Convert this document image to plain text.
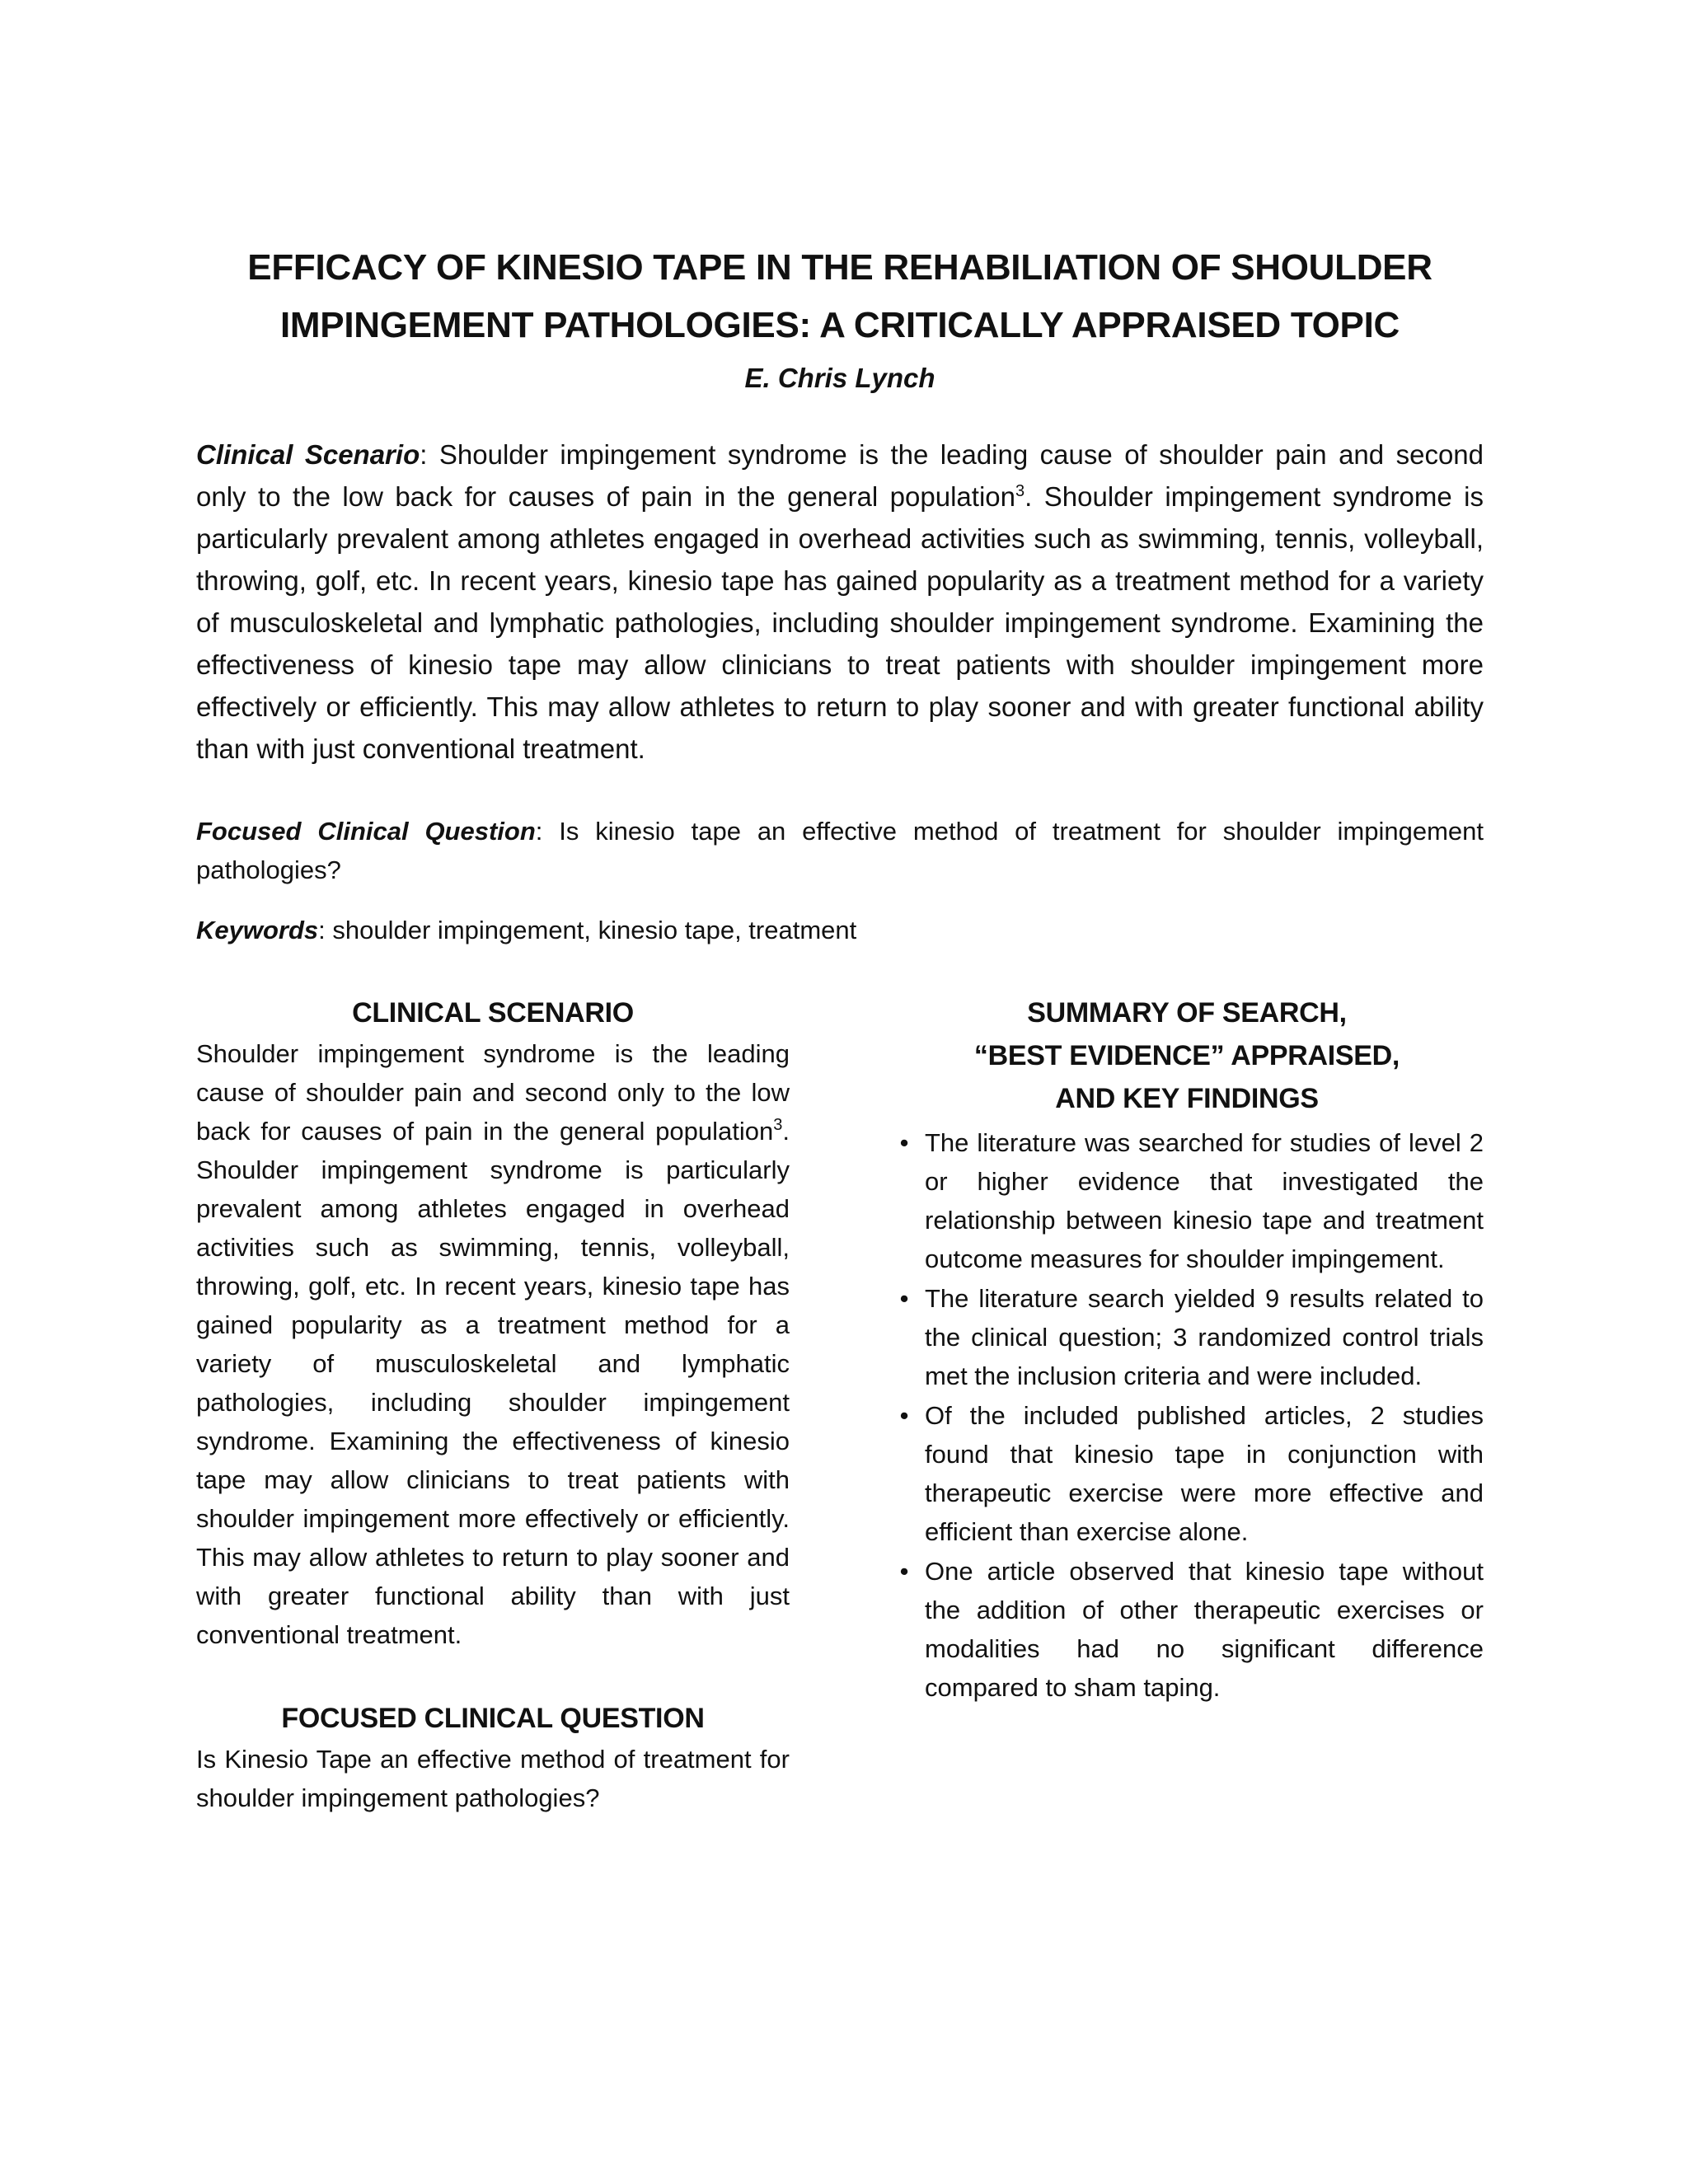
EFFICACY OF KINESIO TAPE IN THE REHABILIATION OF SHOULDER
IMPINGEMENT PATHOLOGIES: A CRITICALLY APPRAISED TOPIC

E. Chris Lynch

Clinical Scenario: Shoulder impingement syndrome is the leading cause of shoulder pain and second only to the low back for causes of pain in the general population$^3$. Shoulder impingement syndrome is particularly prevalent among athletes engaged in overhead activities such as swimming, tennis, volleyball, throwing, golf, etc. In recent years, kinesio tape has gained popularity as a treatment method for a variety of musculoskeletal and lymphatic pathologies, including shoulder impingement syndrome. Examining the effectiveness of kinesio tape may allow clinicians to treat patients with shoulder impingement more effectively or efficiently. This may allow athletes to return to play sooner and with greater functional ability than with just conventional treatment.

Focused Clinical Question: Is kinesio tape an effective method of treatment for shoulder impingement pathologies?

Keywords: shoulder impingement, kinesio tape, treatment

CLINICAL SCENARIO

Shoulder impingement syndrome is the leading cause of shoulder pain and second only to the low back for causes of pain in the general population$^3$. Shoulder impingement syndrome is particularly prevalent among athletes engaged in overhead activities such as swimming, tennis, volleyball, throwing, golf, etc. In recent years, kinesio tape has gained popularity as a treatment method for a variety of musculoskeletal and lymphatic pathologies, including shoulder impingement syndrome. Examining the effectiveness of kinesio tape may allow clinicians to treat patients with shoulder impingement more effectively or efficiently. This may allow athletes to return to play sooner and with greater functional ability than with just conventional treatment.

FOCUSED CLINICAL QUESTION

Is Kinesio Tape an effective method of treatment for shoulder impingement pathologies?

SUMMARY OF SEARCH,
“BEST EVIDENCE” APPRAISED,
AND KEY FINDINGS
• The literature was searched for studies of level 2 or higher evidence that investigated the relationship between kinesio tape and treatment outcome measures for shoulder impingement.
• The literature search yielded 9 results related to the clinical question; 3 randomized control trials met the inclusion criteria and were included.
• Of the included published articles, 2 studies found that kinesio tape in conjunction with therapeutic exercise were more effective and efficient than exercise alone.
• One article observed that kinesio tape without the addition of other therapeutic exercises or modalities had no significant difference compared to sham taping.
